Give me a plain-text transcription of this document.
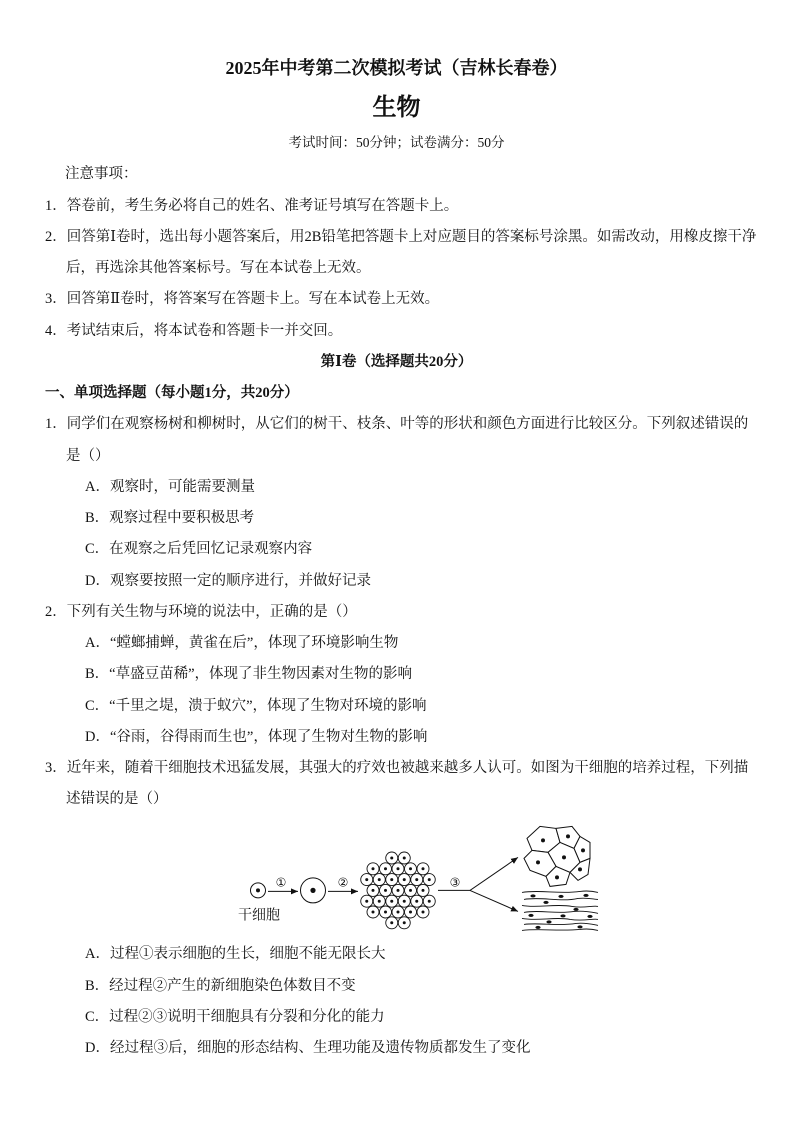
2025年中考第二次模拟考试（吉林长春卷）
生物
考试时间：50分钟；试卷满分：50分
注意事项：
1．答卷前，考生务必将自己的姓名、准考证号填写在答题卡上。
2．回答第Ⅰ卷时，选出每小题答案后，用2B铅笔把答题卡上对应题目的答案标号涂黑。如需改动，用橡皮擦干净
后，再选涂其他答案标号。写在本试卷上无效。
3．回答第Ⅱ卷时，将答案写在答题卡上。写在本试卷上无效。
4．考试结束后，将本试卷和答题卡一并交回。
第Ⅰ卷（选择题共20分）
一、单项选择题（每小题1分，共20分）
1．同学们在观察杨树和柳树时，从它们的树干、枝条、叶等的形状和颜色方面进行比较区分。下列叙述错误的
是（）
A．观察时，可能需要测量
B．观察过程中要积极思考
C．在观察之后凭回忆记录观察内容
D．观察要按照一定的顺序进行，并做好记录
2．下列有关生物与环境的说法中，正确的是（）
A．“螳螂捕蝉，黄雀在后”，体现了环境影响生物
B．“草盛豆苗稀”，体现了非生物因素对生物的影响
C．“千里之堤，溃于蚁穴”，体现了生物对环境的影响
D．“谷雨，谷得雨而生也”，体现了生物对生物的影响
3．近年来，随着干细胞技术迅猛发展，其强大的疗效也被越来越多人认可。如图为干细胞的培养过程，下列描
述错误的是（）
干细胞
①	②	③
A．过程①表示细胞的生长，细胞不能无限长大
B．经过程②产生的新细胞染色体数目不变
C．过程②③说明干细胞具有分裂和分化的能力
D．经过程③后，细胞的形态结构、生理功能及遗传物质都发生了变化
